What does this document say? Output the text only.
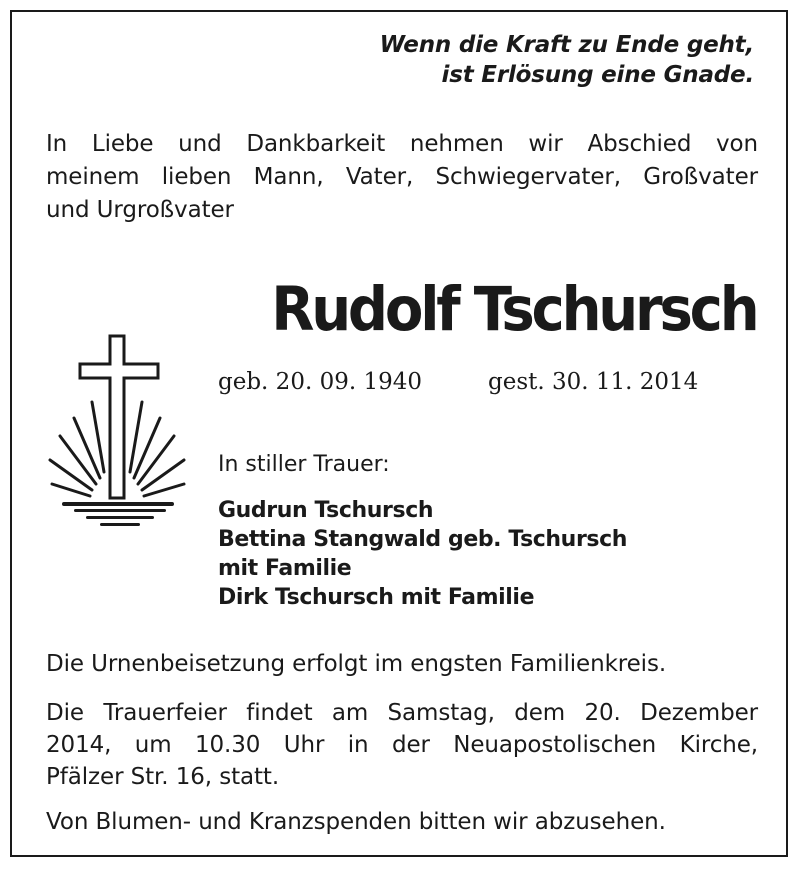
Wenn die Kraft zu Ende geht,
ist Erlösung eine Gnade.
In Liebe und Dankbarkeit nehmen wir Abschied von
meinem lieben Mann, Vater, Schwiegervater, Großvater
und Urgroßvater
Rudolf Tschursch
geb. 20. 09. 1940	gest. 30. 11. 2014
In stiller Trauer:
Gudrun Tschursch
Bettina Stangwald geb. Tschursch
mit Familie
Dirk Tschursch mit Familie
Die Urnenbeisetzung erfolgt im engsten Familienkreis.
Die Trauerfeier findet am Samstag, dem 20. Dezember
2014, um 10.30 Uhr in der Neuapostolischen Kirche,
Pfälzer Str. 16, statt.
Von Blumen- und Kranzspenden bitten wir abzusehen.
